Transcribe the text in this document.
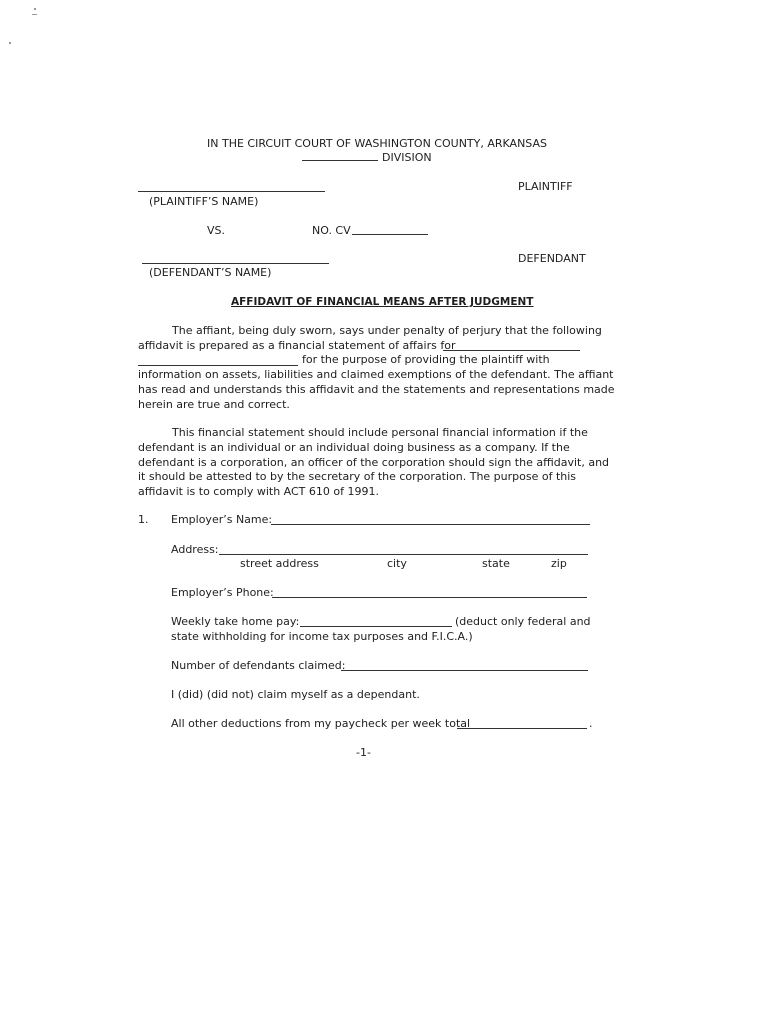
IN THE CIRCUIT COURT OF WASHINGTON COUNTY, ARKANSAS
DIVISION
PLAINTIFF
(PLAINTIFF’S NAME)
VS.	NO. CV
DEFENDANT
(DEFENDANT’S NAME)
AFFIDAVIT OF FINANCIAL MEANS AFTER JUDGMENT
The affiant, being duly sworn, says under penalty of perjury that the following
affidavit is prepared as a financial statement of affairs for
for the purpose of providing the plaintiff with
information on assets, liabilities and claimed exemptions of the defendant. The affiant
has read and understands this affidavit and the statements and representations made
herein are true and correct.
This financial statement should include personal financial information if the
defendant is an individual or an individual doing business as a company. If the
defendant is a corporation, an officer of the corporation should sign the affidavit, and
it should be attested to by the secretary of the corporation. The purpose of this
affidavit is to comply with ACT 610 of 1991.
1. Employer’s Name:
Address:
street address	city	state	zip
Employer’s Phone:
Weekly take home pay:	(deduct only federal and
state withholding for income tax purposes and F.I.C.A.)
Number of defendants claimed:
I (did) (did not) claim myself as a dependant.
All other deductions from my paycheck per week total	.
-1-
